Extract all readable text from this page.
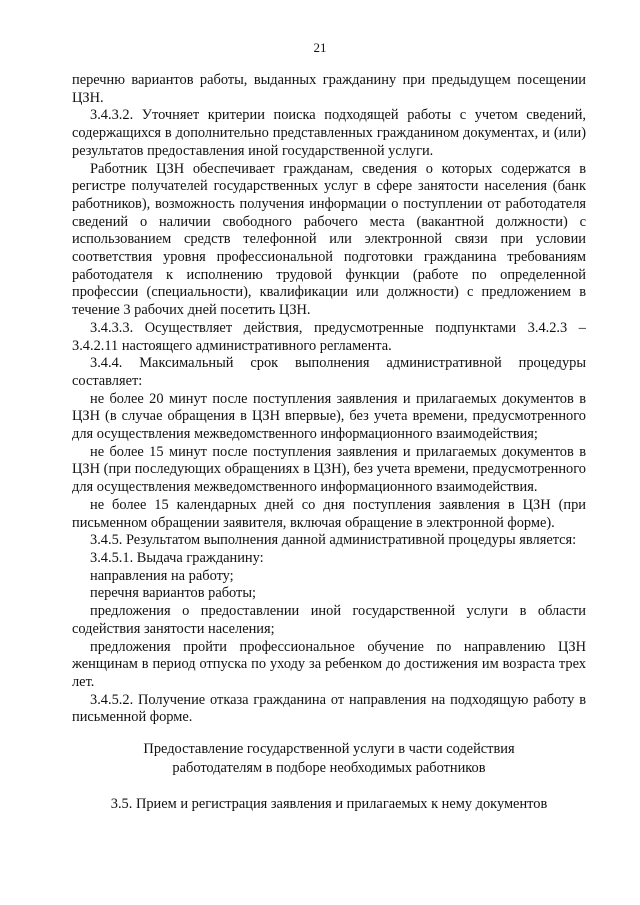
21

перечню вариантов работы, выданных гражданину при предыдущем посещении ЦЗН.

3.4.3.2. Уточняет критерии поиска подходящей работы с учетом сведений, содержащихся в дополнительно представленных гражданином документах, и (или) результатов предоставления иной государственной услуги.

Работник ЦЗН обеспечивает гражданам, сведения о которых содержатся в регистре получателей государственных услуг в сфере занятости населения (банк работников), возможность получения информации о поступлении от работодателя сведений о наличии свободного рабочего места (вакантной должности) с использованием средств телефонной или электронной связи при условии соответствия уровня профессиональной подготовки гражданина требованиям работодателя к исполнению трудовой функции (работе по определенной профессии (специальности), квалификации или должности) с предложением в течение 3 рабочих дней посетить ЦЗН.

3.4.3.3. Осуществляет действия, предусмотренные подпунктами 3.4.2.3 – 3.4.2.11 настоящего административного регламента.

3.4.4. Максимальный срок выполнения административной процедуры составляет:

не более 20 минут после поступления заявления и прилагаемых документов в ЦЗН (в случае обращения в ЦЗН впервые), без учета времени, предусмотренного для осуществления межведомственного информационного взаимодействия;

не более 15 минут после поступления заявления и прилагаемых документов в ЦЗН (при последующих обращениях в ЦЗН), без учета времени, предусмотренного для осуществления межведомственного информационного взаимодействия.

не более 15 календарных дней со дня поступления заявления в ЦЗН (при письменном обращении заявителя, включая обращение в электронной форме).

3.4.5. Результатом выполнения данной административной процедуры является:

3.4.5.1. Выдача гражданину:

направления на работу;

перечня вариантов работы;

предложения о предоставлении иной государственной услуги в области содействия занятости населения;

предложения пройти профессиональное обучение по направлению ЦЗН женщинам в период отпуска по уходу за ребенком до достижения им возраста трех лет.

3.4.5.2. Получение отказа гражданина от направления на подходящую работу в письменной форме.

Предоставление государственной услуги в части содействия
работодателям в подборе необходимых работников
3.5. Прием и регистрация заявления и прилагаемых к нему документов
